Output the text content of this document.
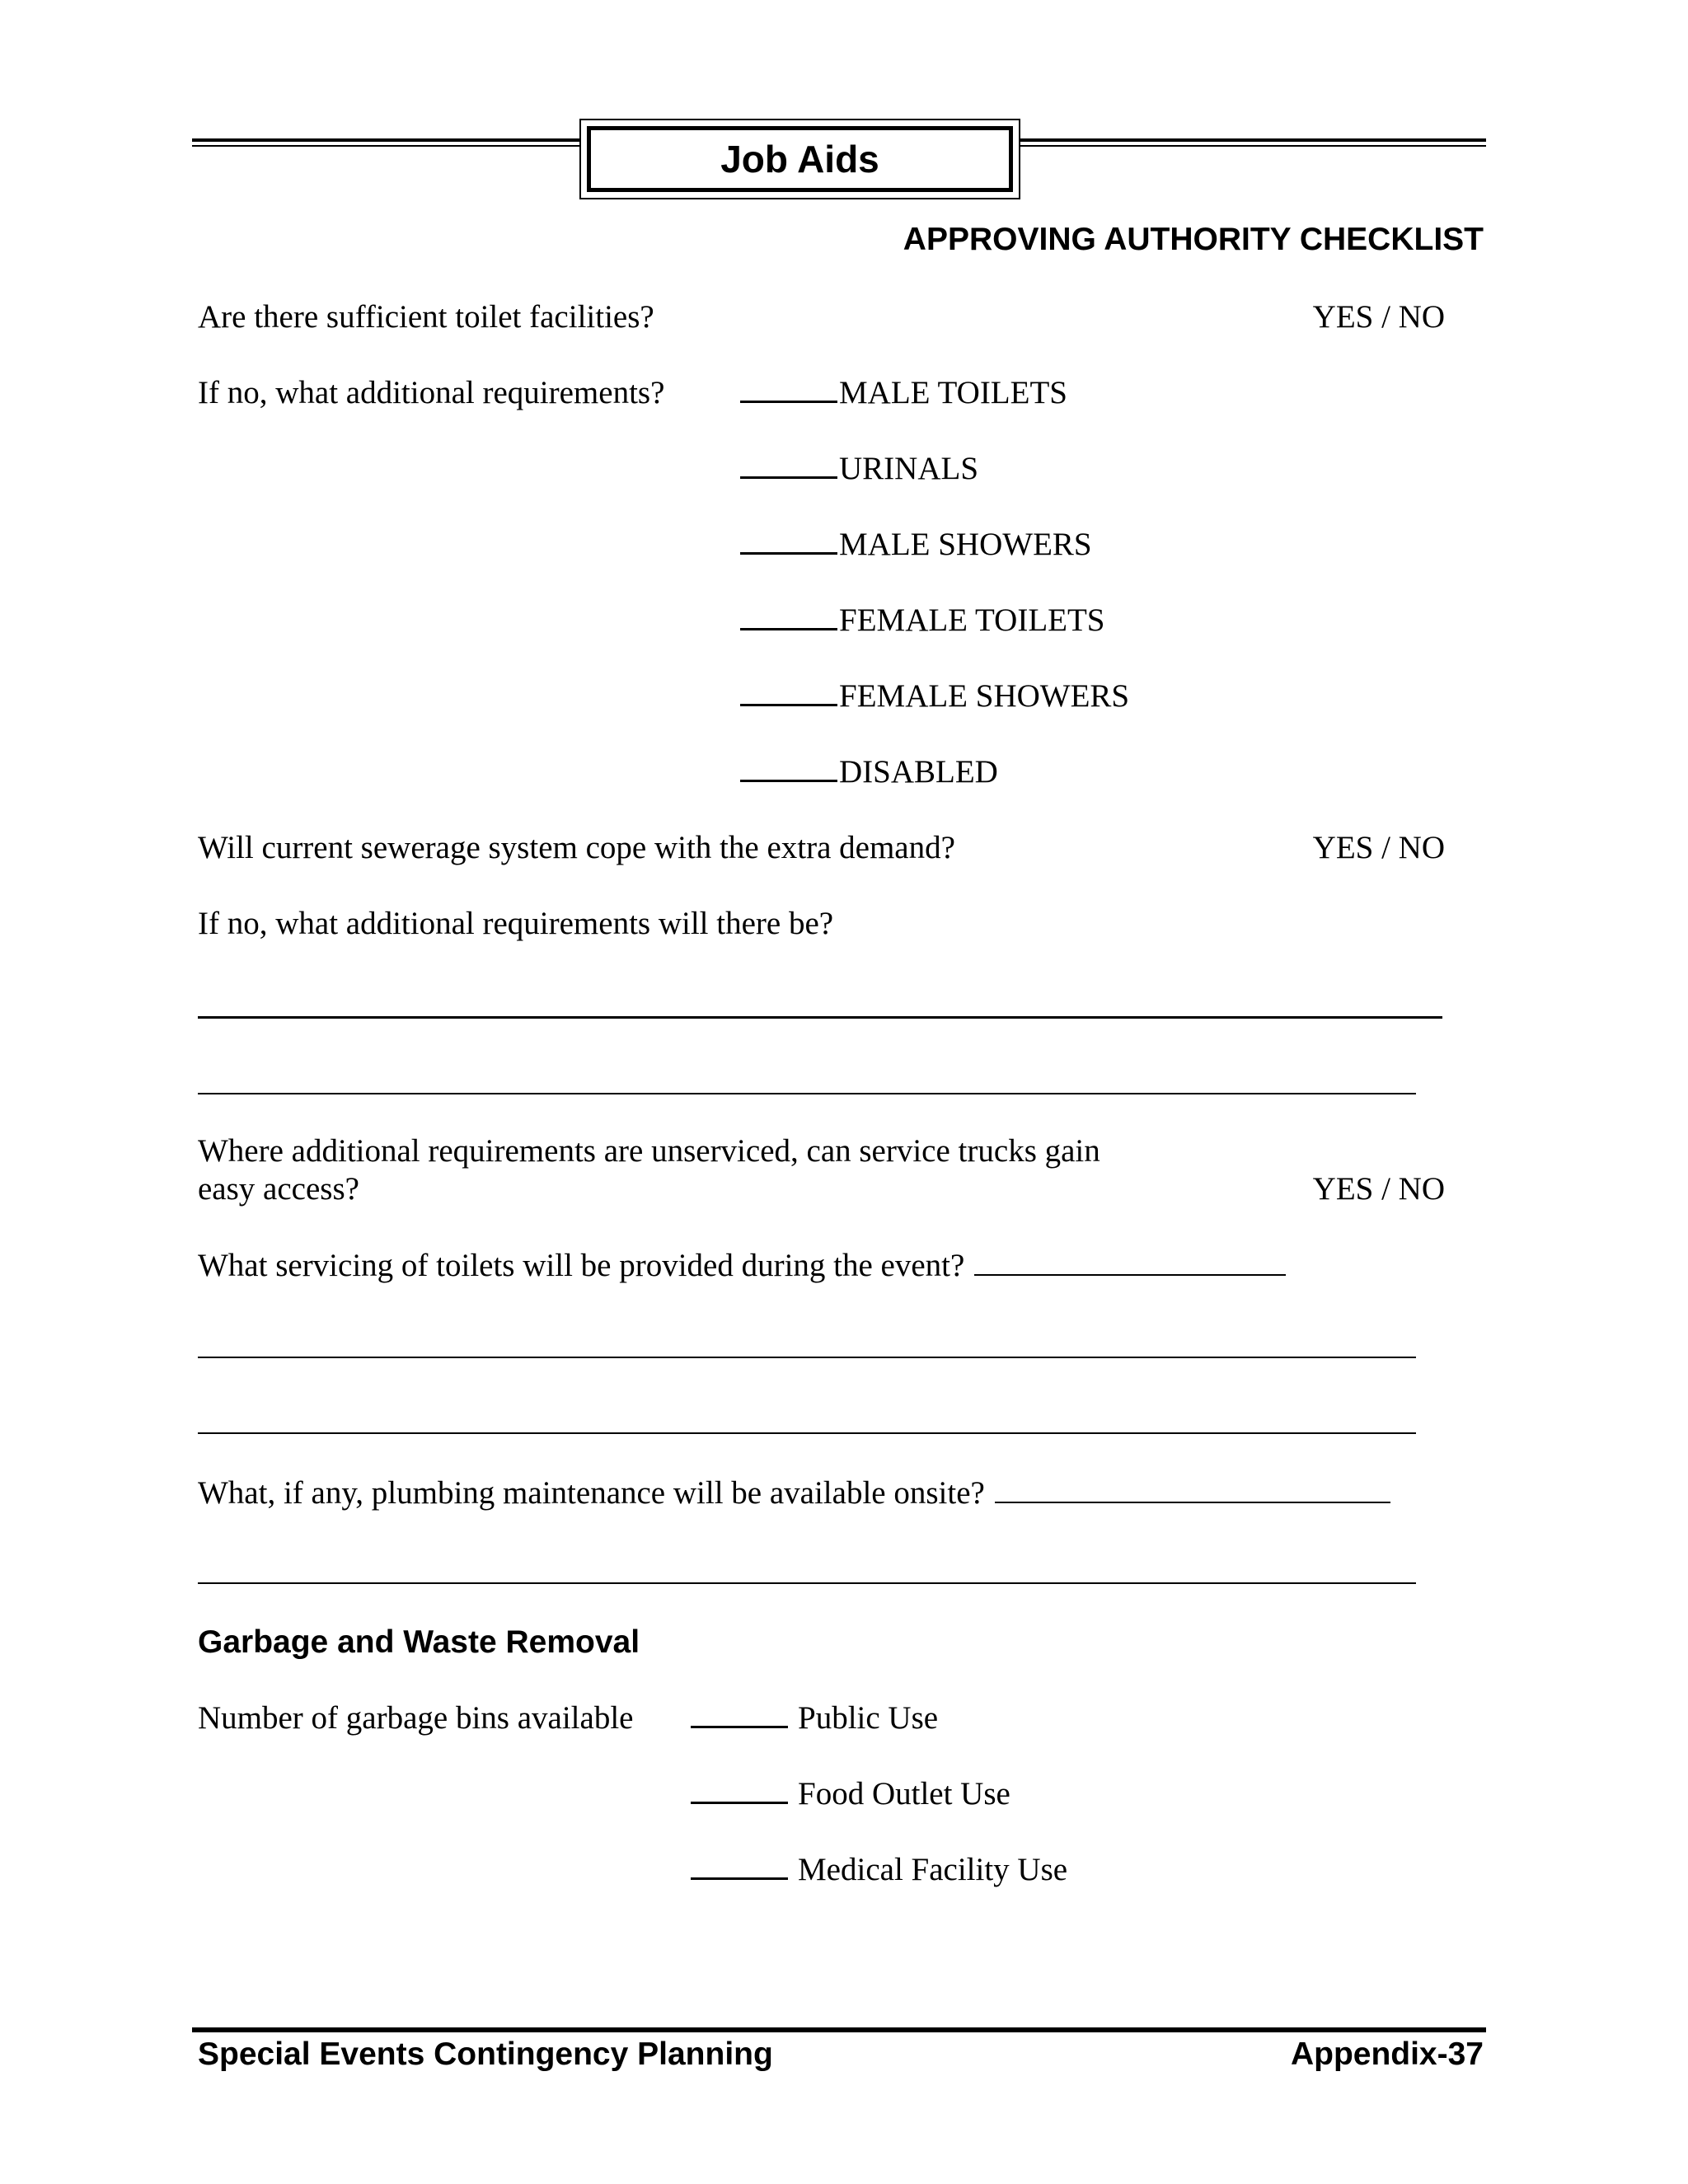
Job Aids
APPROVING AUTHORITY CHECKLIST
Are there sufficient toilet facilities?	YES / NO
If no, what additional requirements?	MALE TOILETS
URINALS
MALE SHOWERS
FEMALE TOILETS
FEMALE SHOWERS
DISABLED
Will current sewerage system cope with the extra demand?	YES / NO
If no, what additional requirements will there be?
Where additional requirements are unserviced, can service trucks gain
easy access?	YES / NO
What servicing of toilets will be provided during the event?
What, if any, plumbing maintenance will be available onsite?
Garbage and Waste Removal
Number of garbage bins available	Public Use
Food Outlet Use
Medical Facility Use
Special Events Contingency Planning	Appendix-37
